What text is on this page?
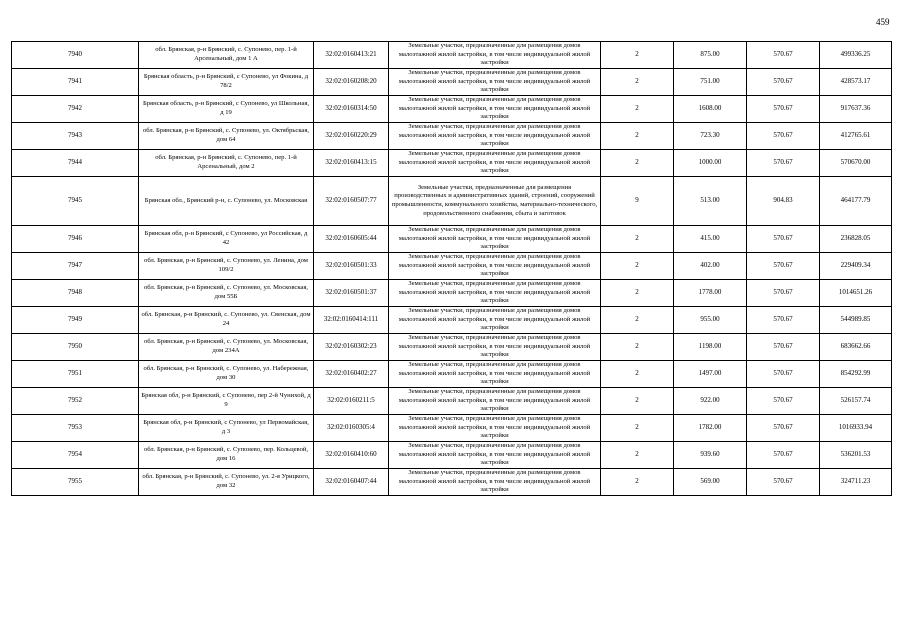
459
7940	обл. Брянская, р-н Брянский, с. Супонево, пер. 1-й Арсенальный, дом 1 А	32:02:0160413:21	Земельные участки, предназначенные для размещения домов малоэтажной жилой застройки, в том числе индивидуальной жилой застройки	2	875.00	570.67	499336.25
7941	Брянская область, р-н Брянский, с Супонево, ул Фокина, д 78/2	32:02:0160208:20	Земельные участки, предназначенные для размещения домов малоэтажной жилой застройки, в том числе индивидуальной жилой застройки	2	751.00	570.67	428573.17
7942	Брянская область, р-н Брянский, с Супонево, ул Школьная, д 19	32:02:0160314:50	Земельные участки, предназначенные для размещения домов малоэтажной жилой застройки, в том числе индивидуальной жилой застройки	2	1608.00	570.67	917637.36
7943	обл. Брянская, р-н Брянский, с. Супонево, ул. Октябрьская, дом 64	32:02:0160220:29	Земельные участки, предназначенные для размещения домов малоэтажной жилой застройки, в том числе индивидуальной жилой застройки	2	723.30	570.67	412765.61
7944	обл. Брянская, р-н Брянский, с. Супонево, пер. 1-й Арсенальный, дом 2	32:02:0160413:15	Земельные участки, предназначенные для размещения домов малоэтажной жилой застройки, в том числе индивидуальной жилой застройки	2	1000.00	570.67	570670.00
7945	Брянская обл., Брянский р-н, с. Супонево, ул. Московская	32:02:0160507:77	Земельные участки, предназначенные для размещения производственных и административных зданий, строений, сооружений промышленности, коммунального хозяйства, материально-технического, продовольственного снабжения, сбыта и заготовок	9	513.00	904.83	464177.79
7946	Брянская обл, р-н Брянский, с Супонево, ул Российская, д 42	32:02:0160605:44	Земельные участки, предназначенные для размещения домов малоэтажной жилой застройки, в том числе индивидуальной жилой застройки	2	415.00	570.67	236828.05
7947	обл. Брянская, р-н Брянский, с. Супонево, ул. Ленина, дом 109/2	32:02:0160501:33	Земельные участки, предназначенные для размещения домов малоэтажной жилой застройки, в том числе индивидуальной жилой застройки	2	402.00	570.67	229409.34
7948	обл. Брянская, р-н Брянский, с. Супонево, ул. Московская, дом 55Б	32:02:0160501:37	Земельные участки, предназначенные для размещения домов малоэтажной жилой застройки, в том числе индивидуальной жилой застройки	2	1778.00	570.67	1014651.26
7949	обл. Брянская, р-н Брянский, с. Супонево, ул. Свенская, дом 24	32:02:0160414:111	Земельные участки, предназначенные для размещения домов малоэтажной жилой застройки, в том числе индивидуальной жилой застройки	2	955.00	570.67	544989.85
7950	обл. Брянская, р-н Брянский, с. Супонево, ул. Московская, дом 234А	32:02:0160302:23	Земельные участки, предназначенные для размещения домов малоэтажной жилой застройки, в том числе индивидуальной жилой застройки	2	1198.00	570.67	683662.66
7951	обл. Брянская, р-н Брянский, с. Супонево, ул. Набережная, дом 30	32:02:0160402:27	Земельные участки, предназначенные для размещения домов малоэтажной жилой застройки, в том числе индивидуальной жилой застройки	2	1497.00	570.67	854292.99
7952	Брянская обл, р-н Брянский, с Супонево, пер 2-й Чунихой, д 9	32:02:0160211:5	Земельные участки, предназначенные для размещения домов малоэтажной жилой застройки, в том числе индивидуальной жилой застройки	2	922.00	570.67	526157.74
7953	Брянская обл, р-н Брянский, с Супонево, ул Первомайская, д 3	32:02:0160305:4	Земельные участки, предназначенные для размещения домов малоэтажной жилой застройки, в том числе индивидуальной жилой застройки	2	1782.00	570.67	1016933.94
7954	обл. Брянская, р-н Брянский, с. Супонево, пер. Кольцевой, дом 16	32:02:0160410:60	Земельные участки, предназначенные для размещения домов малоэтажной жилой застройки, в том числе индивидуальной жилой застройки	2	939.60	570.67	536201.53
7955	обл. Брянская, р-н Брянский, с. Супонево, ул. 2-я Урицкого, дом 32	32:02:0160407:44	Земельные участки, предназначенные для размещения домов малоэтажной жилой застройки, в том числе индивидуальной жилой застройки	2	569.00	570.67	324711.23
